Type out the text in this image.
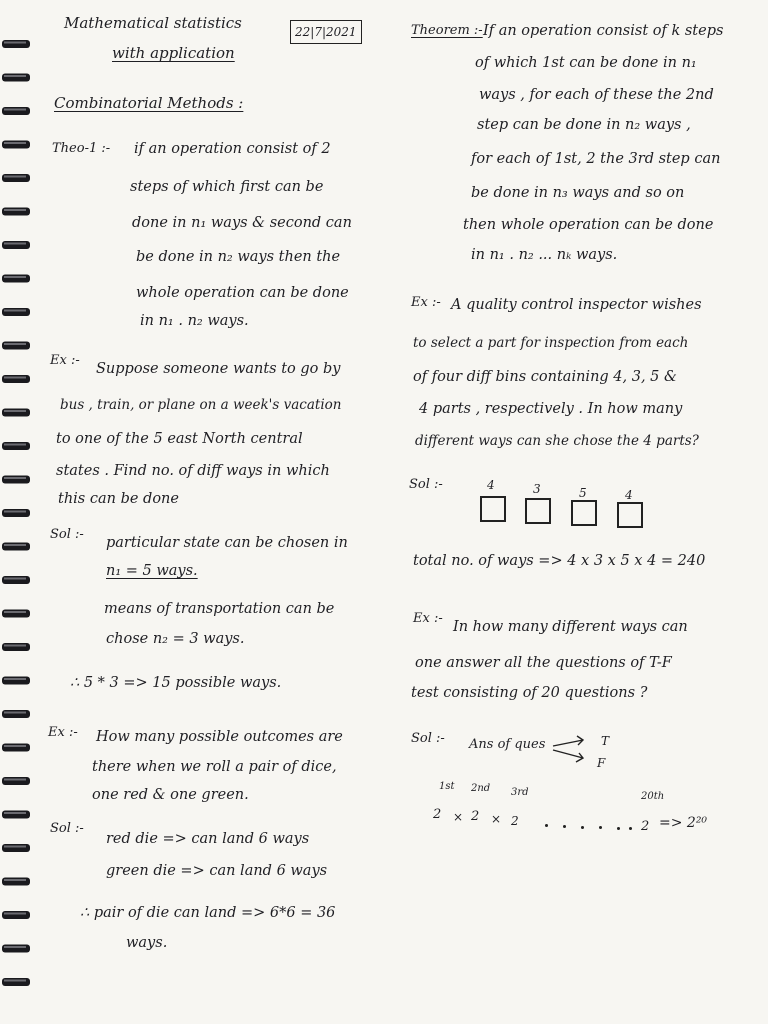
Mathematical statistics
with application
22|7|2021
Combinatorial Methods :
Theo-1 :- if an operation consist of 2
steps of which first can be
done in n₁ ways & second can
be done in n₂ ways then the
whole operation can be done
in n₁ . n₂ ways.
Ex :-
Suppose someone wants to go by
bus , train, or plane on a week's vacation
to one of the 5 east North central
states . Find no. of diff ways in which
this can be done
Sol :-
particular state can be chosen in
n₁ = 5 ways.
means of transportation can be
chose n₂ = 3 ways.
∴ 5 * 3 => 15 possible ways.
Ex :- How many possible outcomes are
there when we roll a pair of dice,
one red & one green.
Sol :-
red die => can land 6 ways
green die => can land 6 ways
∴ pair of die can land => 6*6 = 36
ways.
Theorem :- If an operation consist of k steps
of which 1st can be done in n₁
ways , for each of these the 2nd
step can be done in n₂ ways ,
for each of 1st, 2 the 3rd step can
be done in n₃ ways and so on
then whole operation can be done
in n₁ . n₂ ... nₖ ways.
Ex :- A quality control inspector wishes
to select a part for inspection from each
of four diff bins containing 4, 3, 5 &
4 parts , respectively . In how many
different ways can she chose the 4 parts?
Sol :-	4	3	5	4
total no. of ways => 4 x 3 x 5 x 4 = 240
Ex :-
In how many different ways can
one answer all the questions of T-F
test consisting of 20 questions ?
Sol :- Ans of ques	T
F
1st 2nd 3rd	20th
2 × 2 × 2	2 => 2²⁰
